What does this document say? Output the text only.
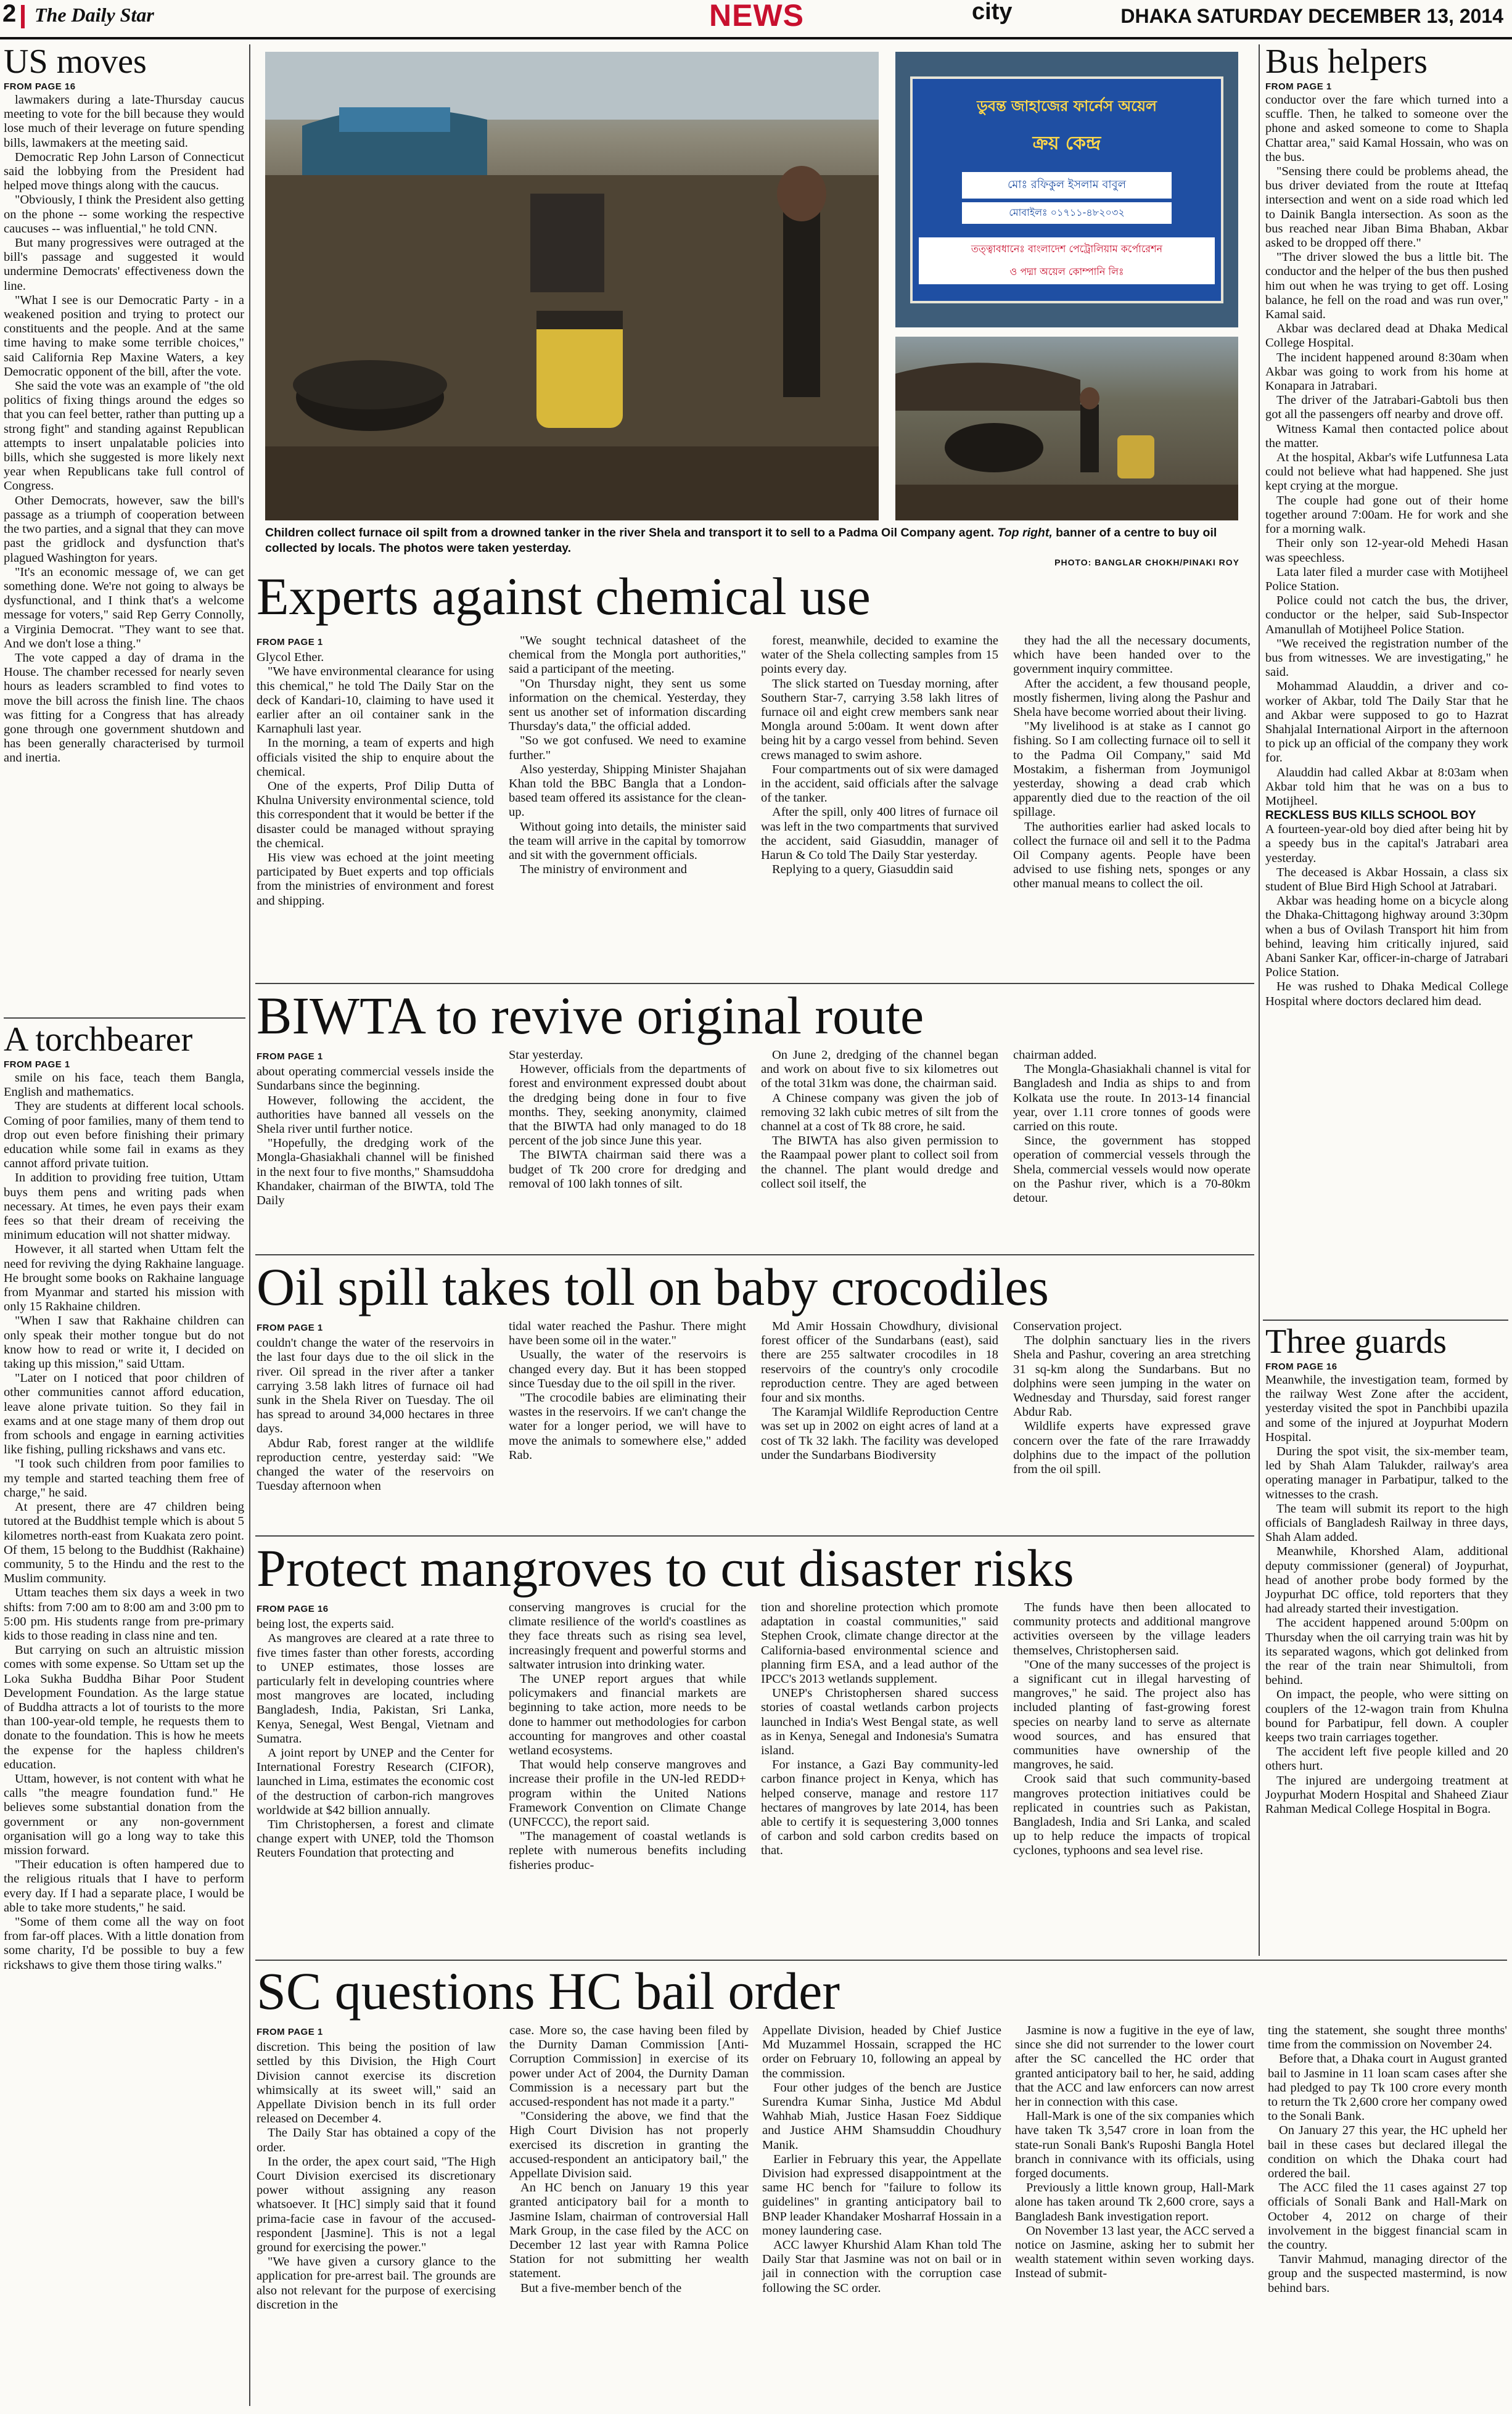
2 The Daily Star	NEWS	city	DHAKA SATURDAY DECEMBER 13, 2014
US moves
FROM PAGE 16

lawmakers during a late-Thursday caucus meeting to vote for the bill because they would lose much of their leverage on future spending bills, lawmakers at the meeting said.

Democratic Rep John Larson of Connecticut said the lobbying from the President had helped move things along with the caucus.

"Obviously, I think the President also getting on the phone -- some working the respective caucuses -- was influential," he told CNN.

But many progressives were outraged at the bill's passage and suggested it would undermine Democrats' effectiveness down the line.

"What I see is our Democratic Party - in a weakened position and trying to protect our constituents and the people. And at the same time having to make some terrible choices," said California Rep Maxine Waters, a key Democratic opponent of the bill, after the vote.

She said the vote was an example of "the old politics of fixing things around the edges so that you can feel better, rather than putting up a strong fight" and standing against Republican attempts to insert unpalatable policies into bills, which she suggested is more likely next year when Republicans take full control of Congress.

Other Democrats, however, saw the bill's passage as a triumph of cooperation between the two parties, and a signal that they can move past the gridlock and dysfunction that's plagued Washington for years.

"It's an economic message of, we can get something done. We're not going to always be dysfunctional, and I think that's a welcome message for voters," said Rep Gerry Connolly, a Virginia Democrat. "They want to see that. And we don't lose a thing."

The vote capped a day of drama in the House. The chamber recessed for nearly seven hours as leaders scrambled to find votes to move the bill across the finish line. The chaos was fitting for a Congress that has already gone through one government shutdown and has been generally characterised by turmoil and inertia.

A torchbearer
FROM PAGE 1

smile on his face, teach them Bangla, English and mathematics.

They are students at different local schools. Coming of poor families, many of them tend to drop out even before finishing their primary education while some fail in exams as they cannot afford private tuition.

In addition to providing free tuition, Uttam buys them pens and writing pads when necessary. At times, he even pays their exam fees so that their dream of receiving the minimum education will not shatter midway.

However, it all started when Uttam felt the need for reviving the dying Rakhaine language. He brought some books on Rakhaine language from Myanmar and started his mission with only 15 Rakhaine children.

"When I saw that Rakhaine children can only speak their mother tongue but do not know how to read or write it, I decided on taking up this mission," said Uttam.

"Later on I noticed that poor children of other communities cannot afford education, leave alone private tuition. So they fail in exams and at one stage many of them drop out from schools and engage in earning activities like fishing, pulling rickshaws and vans etc.

"I took such children from poor families to my temple and started teaching them free of charge," he said.

At present, there are 47 children being tutored at the Buddhist temple which is about 5 kilometres north-east from Kuakata zero point. Of them, 15 belong to the Buddhist (Rakhaine) community, 5 to the Hindu and the rest to the Muslim community.

Uttam teaches them six days a week in two shifts: from 7:00 am to 8:00 am and 3:00 pm to 5:00 pm. His students range from pre-primary kids to those reading in class nine and ten.

But carrying on such an altruistic mission comes with some expense. So Uttam set up the Loka Sukha Buddha Bihar Poor Student Development Foundation. As the large statue of Buddha attracts a lot of tourists to the more than 100-year-old temple, he requests them to donate to the foundation. This is how he meets the expense for the hapless children's education.

Uttam, however, is not content with what he calls "the meagre foundation fund." He believes some substantial donation from the government or any non-government organisation will go a long way to take this mission forward.

"Their education is often hampered due to the religious rituals that I have to perform every day. If I had a separate place, I would be able to take more students," he said.

"Some of them come all the way on foot from far-off places. With a little donation from some charity, I'd be possible to buy a few rickshaws to give them those tiring walks."

ডুবন্ত জাহাজের ফার্নেস অয়েল
ক্রয় কেন্দ্র
মোঃ রফিকুল ইসলাম বাবুল
মোবাইলঃ ০১৭১১-৪৮২০৩২
তত্ত্বাবধানেঃ বাংলাদেশ পেট্রোলিয়াম কর্পোরেশন
ও পদ্মা অয়েল কোম্পানি লিঃ
Children collect furnace oil spilt from a drowned tanker in the river Shela and transport it to sell to a Padma Oil Company agent. Top right, banner of a centre to buy oil collected by locals. The photos were taken yesterday.
PHOTO: BANGLAR CHOKH/PINAKI ROY
Experts against chemical use
FROM PAGE 1

Glycol Ether.

"We have environmental clearance for using this chemical," he told The Daily Star on the deck of Kandari-10, claiming to have used it earlier after an oil container sank in the Karnaphuli last year.

In the morning, a team of experts and high officials visited the ship to enquire about the chemical.

One of the experts, Prof Dilip Dutta of Khulna University environmental science, told this correspondent that it would be better if the disaster could be managed without spraying the chemical.

His view was echoed at the joint meeting participated by Buet experts and top officials from the ministries of environment and forest and shipping.

"We sought technical datasheet of the chemical from the Mongla port authorities," said a participant of the meeting.

"On Thursday night, they sent us some information on the chemical. Yesterday, they sent us another set of information discarding Thursday's data," the official added.

"So we got confused. We need to examine further."

Also yesterday, Shipping Minister Shajahan Khan told the BBC Bangla that a London-based team offered its assistance for the clean-up.

Without going into details, the minister said the team will arrive in the capital by tomorrow and sit with the government officials.

The ministry of environment and

forest, meanwhile, decided to examine the water of the Shela collecting samples from 15 points every day.

The slick started on Tuesday morning, after Southern Star-7, carrying 3.58 lakh litres of furnace oil and eight crew members sank near Mongla around 5:00am. It went down after being hit by a cargo vessel from behind. Seven crews managed to swim ashore.

Four compartments out of six were damaged in the accident, said officials after the salvage of the tanker.

After the spill, only 400 litres of furnace oil was left in the two compartments that survived the accident, said Giasuddin, manager of Harun & Co told The Daily Star yesterday.

Replying to a query, Giasuddin said

they had the all the necessary documents, which have been handed over to the government inquiry committee.

After the accident, a few thousand people, mostly fishermen, living along the Pashur and Shela have become worried about their living.

"My livelihood is at stake as I cannot go fishing. So I am collecting furnace oil to sell it to the Padma Oil Company," said Md Mostakim, a fisherman from Joymunigol yesterday, showing a dead crab which apparently died due to the reaction of the oil spillage.

The authorities earlier had asked locals to collect the furnace oil and sell it to the Padma Oil Company agents. People have been advised to use fishing nets, sponges or any other manual means to collect the oil.

BIWTA to revive original route
FROM PAGE 1

about operating commercial vessels inside the Sundarbans since the beginning.

However, following the accident, the authorities have banned all vessels on the Shela river until further notice.

"Hopefully, the dredging work of the Mongla-Ghasiakhali channel will be finished in the next four to five months," Shamsuddoha Khandaker, chairman of the BIWTA, told The Daily

Star yesterday.

However, officials from the departments of forest and environment expressed doubt about the dredging being done in four to five months. They, seeking anonymity, claimed that the BIWTA had only managed to do 18 percent of the job since June this year.

The BIWTA chairman said there was a budget of Tk 200 crore for dredging and removal of 100 lakh tonnes of silt.

On June 2, dredging of the channel began and work on about five to six kilometres out of the total 31km was done, the chairman said.

A Chinese company was given the job of removing 32 lakh cubic metres of silt from the channel at a cost of Tk 88 crore, he said.

The BIWTA has also given permission to the Raampaal power plant to collect soil from the channel. The plant would dredge and collect soil itself, the

chairman added.

The Mongla-Ghasiakhali channel is vital for Bangladesh and India as ships to and from Kolkata use the route. In 2013-14 financial year, over 1.11 crore tonnes of goods were carried on this route.

Since, the government has stopped operation of commercial vessels through the Shela, commercial vessels would now operate on the Pashur river, which is a 70-80km detour.

Oil spill takes toll on baby crocodiles
FROM PAGE 1

couldn't change the water of the reservoirs in the last four days due to the oil slick in the river. Oil spread in the river after a tanker carrying 3.58 lakh litres of furnace oil had sunk in the Shela River on Tuesday. The oil has spread to around 34,000 hectares in three days.

Abdur Rab, forest ranger at the wildlife reproduction centre, yesterday said: "We changed the water of the reservoirs on Tuesday afternoon when

tidal water reached the Pashur. There might have been some oil in the water."

Usually, the water of the reservoirs is changed every day. But it has been stopped since Tuesday due to the oil spill in the river.

"The crocodile babies are eliminating their wastes in the reservoirs. If we can't change the water for a longer period, we will have to move the animals to somewhere else," added Rab.

Md Amir Hossain Chowdhury, divisional forest officer of the Sundarbans (east), said there are 255 saltwater crocodiles in 18 reservoirs of the country's only crocodile reproduction centre. They are aged between four and six months.

The Karamjal Wildlife Reproduction Centre was set up in 2002 on eight acres of land at a cost of Tk 32 lakh. The facility was developed under the Sundarbans Biodiversity

Conservation project.

The dolphin sanctuary lies in the rivers Shela and Pashur, covering an area stretching 31 sq-km along the Sundarbans. But no dolphins were seen jumping in the water on Wednesday and Thursday, said forest ranger Abdur Rab.

Wildlife experts have expressed grave concern over the fate of the rare Irrawaddy dolphins due to the impact of the pollution from the oil spill.

Protect mangroves to cut disaster risks
FROM PAGE 16

being lost, the experts said.

As mangroves are cleared at a rate three to five times faster than other forests, according to UNEP estimates, those losses are particularly felt in developing countries where most mangroves are located, including Bangladesh, India, Pakistan, Sri Lanka, Kenya, Senegal, West Bengal, Vietnam and Sumatra.

A joint report by UNEP and the Center for International Forestry Research (CIFOR), launched in Lima, estimates the economic cost of the destruction of carbon-rich mangroves worldwide at $42 billion annually.

Tim Christophersen, a forest and climate change expert with UNEP, told the Thomson Reuters Foundation that protecting and

conserving mangroves is crucial for the climate resilience of the world's coastlines as they face threats such as rising sea level, increasingly frequent and powerful storms and saltwater intrusion into drinking water.

The UNEP report argues that while policymakers and financial markets are beginning to take action, more needs to be done to hammer out methodologies for carbon accounting for mangroves and other coastal wetland ecosystems.

That would help conserve mangroves and increase their profile in the UN-led REDD+ program within the United Nations Framework Convention on Climate Change (UNFCCC), the report said.

"The management of coastal wetlands is replete with numerous benefits including fisheries produc-

tion and shoreline protection which promote adaptation in coastal communities," said Stephen Crook, climate change director at the California-based environmental science and planning firm ESA, and a lead author of the IPCC's 2013 wetlands supplement.

UNEP's Christophersen shared success stories of coastal wetlands carbon projects launched in India's West Bengal state, as well as in Kenya, Senegal and Indonesia's Sumatra island.

For instance, a Gazi Bay community-led carbon finance project in Kenya, which has helped conserve, manage and restore 117 hectares of mangroves by late 2014, has been able to certify it is sequestering 3,000 tonnes of carbon and sold carbon credits based on that.

The funds have then been allocated to community protects and additional mangrove activities overseen by the village leaders themselves, Christophersen said.

"One of the many successes of the project is a significant cut in illegal harvesting of mangroves," he said. The project also has included planting of fast-growing forest species on nearby land to serve as alternate wood sources, and has ensured that communities have ownership of the mangroves, he said.

Crook said that such community-based mangroves protection initiatives could be replicated in countries such as Pakistan, Bangladesh, India and Sri Lanka, and scaled up to help reduce the impacts of tropical cyclones, typhoons and sea level rise.

SC questions HC bail order
FROM PAGE 1

discretion. This being the position of law settled by this Division, the High Court Division cannot exercise its discretion whimsically at its sweet will," said an Appellate Division bench in its full order released on December 4.

The Daily Star has obtained a copy of the order.

In the order, the apex court said, "The High Court Division exercised its discretionary power without assigning any reason whatsoever. It [HC] simply said that it found prima-facie case in favour of the accused-respondent [Jasmine]. This is not a legal ground for exercising the power."

"We have given a cursory glance to the application for pre-arrest bail. The grounds are also not relevant for the purpose of exercising discretion in the

case. More so, the case having been filed by the Durnity Daman Commission [Anti-Corruption Commission] in exercise of its power under Act of 2004, the Durnity Daman Commission is a necessary part but the accused-respondent has not made it a party."

"Considering the above, we find that the High Court Division has not properly exercised its discretion in granting the accused-respondent an anticipatory bail," the Appellate Division said.

An HC bench on January 19 this year granted anticipatory bail for a month to Jasmine Islam, chairman of controversial Hall Mark Group, in the case filed by the ACC on December 12 last year with Ramna Police Station for not submitting her wealth statement.

But a five-member bench of the

Appellate Division, headed by Chief Justice Md Muzammel Hossain, scrapped the HC order on February 10, following an appeal by the commission.

Four other judges of the bench are Justice Surendra Kumar Sinha, Justice Md Abdul Wahhab Miah, Justice Hasan Foez Siddique and Justice AHM Shamsuddin Choudhury Manik.

Earlier in February this year, the Appellate Division had expressed disappointment at the same HC bench for "failure to follow its guidelines" in granting anticipatory bail to BNP leader Khandaker Mosharraf Hossain in a money laundering case.

ACC lawyer Khurshid Alam Khan told The Daily Star that Jasmine was not on bail or in jail in connection with the corruption case following the SC order.

Jasmine is now a fugitive in the eye of law, since she did not surrender to the lower court after the SC cancelled the HC order that granted anticipatory bail to her, he said, adding that the ACC and law enforcers can now arrest her in connection with this case.

Hall-Mark is one of the six companies which have taken Tk 3,547 crore in loan from the state-run Sonali Bank's Ruposhi Bangla Hotel branch in connivance with its officials, using forged documents.

Previously a little known group, Hall-Mark alone has taken around Tk 2,600 crore, says a Bangladesh Bank investigation report.

On November 13 last year, the ACC served a notice on Jasmine, asking her to submit her wealth statement within seven working days. Instead of submit-

ting the statement, she sought three months' time from the commission on November 24.

Before that, a Dhaka court in August granted bail to Jasmine in 11 loan scam cases after she had pledged to pay Tk 100 crore every month to return the Tk 2,600 crore her company owed to the Sonali Bank.

On January 27 this year, the HC upheld her bail in these cases but declared illegal the condition on which the Dhaka court had ordered the bail.

The ACC filed the 11 cases against 27 top officials of Sonali Bank and Hall-Mark on October 4, 2012 on charge of their involvement in the biggest financial scam in the country.

Tanvir Mahmud, managing director of the group and the suspected mastermind, is now behind bars.

Bus helpers
FROM PAGE 1

conductor over the fare which turned into a scuffle. Then, he talked to someone over the phone and asked someone to come to Shapla Chattar area," said Kamal Hossain, who was on the bus.

"Sensing there could be problems ahead, the bus driver deviated from the route at Ittefaq intersection and went on a side road which led to Dainik Bangla intersection. As soon as the bus reached near Jiban Bima Bhaban, Akbar asked to be dropped off there."

"The driver slowed the bus a little bit. The conductor and the helper of the bus then pushed him out when he was trying to get off. Losing balance, he fell on the road and was run over," Kamal said.

Akbar was declared dead at Dhaka Medical College Hospital.

The incident happened around 8:30am when Akbar was going to work from his home at Konapara in Jatrabari.

The driver of the Jatrabari-Gabtoli bus then got all the passengers off nearby and drove off.

Witness Kamal then contacted police about the matter.

At the hospital, Akbar's wife Lutfunnesa Lata could not believe what had happened. She just kept crying at the morgue.

The couple had gone out of their home together around 7:00am. He for work and she for a morning walk.

Their only son 12-year-old Mehedi Hasan was speechless.

Lata later filed a murder case with Motijheel Police Station.

Police could not catch the bus, the driver, conductor or the helper, said Sub-Inspector Amanullah of Motijheel Police Station.

"We received the registration number of the bus from witnesses. We are investigating," he said.

Mohammad Alauddin, a driver and co-worker of Akbar, told The Daily Star that he and Akbar were supposed to go to Hazrat Shahjalal International Airport in the afternoon to pick up an official of the company they work for.

Alauddin had called Akbar at 8:03am when Akbar told him that he was on a bus to Motijheel.

RECKLESS BUS KILLS SCHOOL BOY

A fourteen-year-old boy died after being hit by a speedy bus in the capital's Jatrabari area yesterday.

The deceased is Akbar Hossain, a class six student of Blue Bird High School at Jatrabari.

Akbar was heading home on a bicycle along the Dhaka-Chittagong highway around 3:30pm when a bus of Ovilash Transport hit him from behind, leaving him critically injured, said Abani Sanker Kar, officer-in-charge of Jatrabari Police Station.

He was rushed to Dhaka Medical College Hospital where doctors declared him dead.

Three guards
FROM PAGE 16

Meanwhile, the investigation team, formed by the railway West Zone after the accident, yesterday visited the spot in Panchbibi upazila and some of the injured at Joypurhat Modern Hospital.

During the spot visit, the six-member team, led by Shah Alam Talukder, railway's area operating manager in Parbatipur, talked to the witnesses to the crash.

The team will submit its report to the high officials of Bangladesh Railway in three days, Shah Alam added.

Meanwhile, Khorshed Alam, additional deputy commissioner (general) of Joypurhat, head of another probe body formed by the Joypurhat DC office, told reporters that they had already started their investigation.

The accident happened around 5:00pm on Thursday when the oil carrying train was hit by its separated wagons, which got delinked from the rear of the train near Shimultoli, from behind.

On impact, the people, who were sitting on couplers of the 12-wagon train from Khulna bound for Parbatipur, fell down. A coupler keeps two train carriages together.

The accident left five people killed and 20 others hurt.

The injured are undergoing treatment at Joypurhat Modern Hospital and Shaheed Ziaur Rahman Medical College Hospital in Bogra.
